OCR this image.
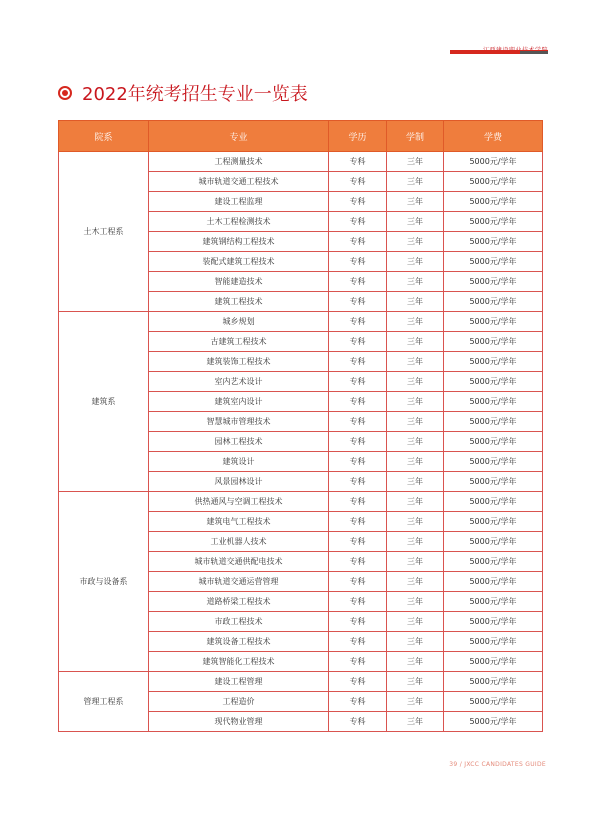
2022年统考招生专业一览表
院系	专业	学历	学制	学费
土木工程系	工程测量技术	专科	三年	5000元/学年
	城市轨道交通工程技术	专科	三年	5000元/学年
	建设工程监理	专科	三年	5000元/学年
	土木工程检测技术	专科	三年	5000元/学年
	建筑钢结构工程技术	专科	三年	5000元/学年
	装配式建筑工程技术	专科	三年	5000元/学年
	智能建造技术	专科	三年	5000元/学年
	建筑工程技术	专科	三年	5000元/学年
建筑系	城乡规划	专科	三年	5000元/学年
	古建筑工程技术	专科	三年	5000元/学年
	建筑装饰工程技术	专科	三年	5000元/学年
	室内艺术设计	专科	三年	5000元/学年
	建筑室内设计	专科	三年	5000元/学年
	智慧城市管理技术	专科	三年	5000元/学年
	园林工程技术	专科	三年	5000元/学年
	建筑设计	专科	三年	5000元/学年
	风景园林设计	专科	三年	5000元/学年
市政与设备系	供热通风与空调工程技术	专科	三年	5000元/学年
	建筑电气工程技术	专科	三年	5000元/学年
	工业机器人技术	专科	三年	5000元/学年
	城市轨道交通供配电技术	专科	三年	5000元/学年
	城市轨道交通运营管理	专科	三年	5000元/学年
	道路桥梁工程技术	专科	三年	5000元/学年
	市政工程技术	专科	三年	5000元/学年
	建筑设备工程技术	专科	三年	5000元/学年
	建筑智能化工程技术	专科	三年	5000元/学年
管理工程系	建设工程管理	专科	三年	5000元/学年
	工程造价	专科	三年	5000元/学年
	现代物业管理	专科	三年	5000元/学年
39 / JXCC CANDIDATES GUIDE
